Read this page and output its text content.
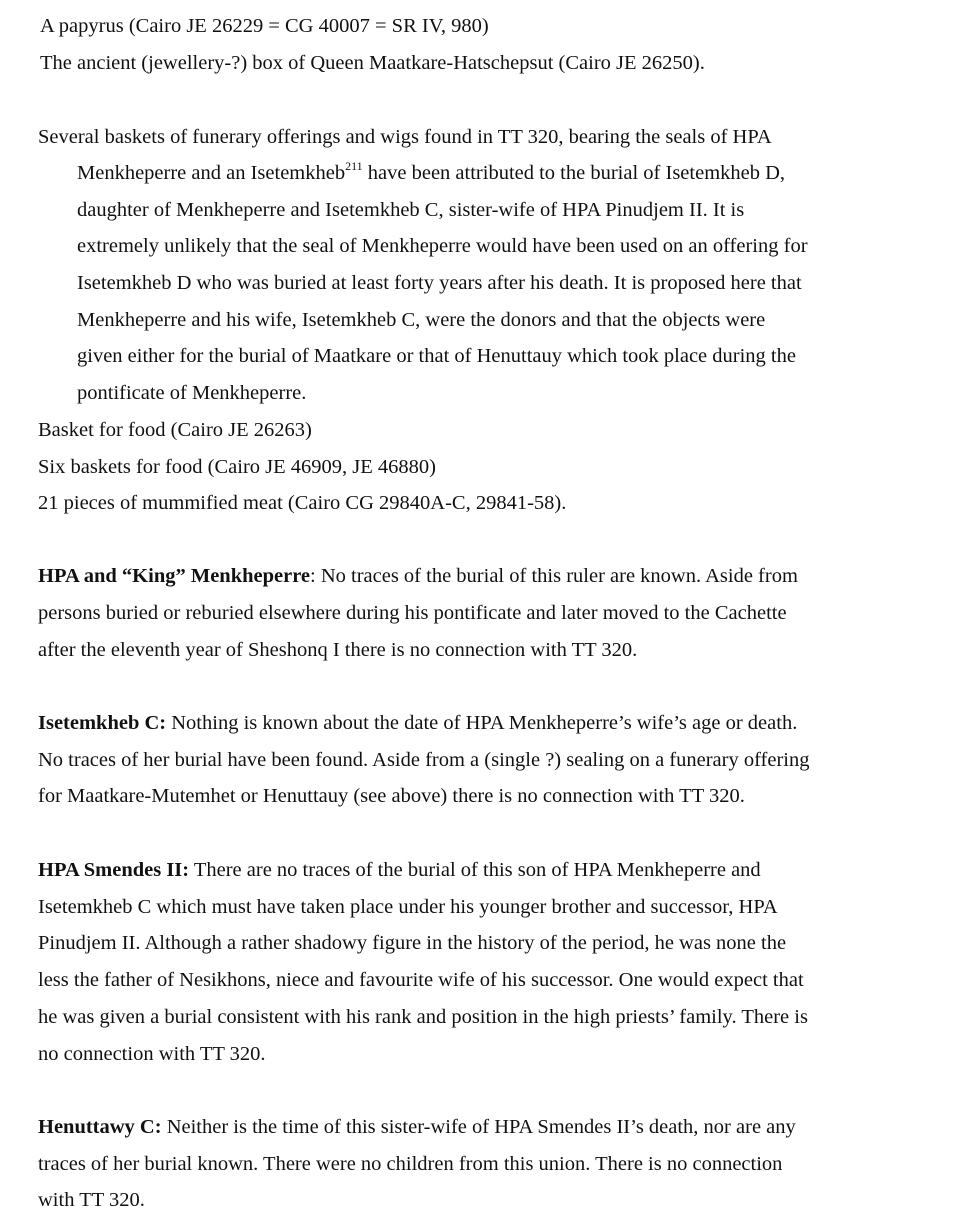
A papyrus (Cairo JE 26229 = CG 40007 = SR IV, 980)
The ancient (jewellery-?) box of Queen Maatkare-Hatschepsut (Cairo JE 26250).
Several baskets of funerary offerings and wigs found in TT 320, bearing the seals of HPA
Menkheperre and an Isetemkheb$^{211}$ have been attributed to the burial of Isetemkheb D,
daughter of Menkheperre and Isetemkheb C, sister-wife of HPA Pinudjem II. It is
extremely unlikely that the seal of Menkheperre would have been used on an offering for
Isetemkheb D who was buried at least forty years after his death. It is proposed here that
Menkheperre and his wife, Isetemkheb C, were the donors and that the objects were
given either for the burial of Maatkare or that of Henuttauy which took place during the
pontificate of Menkheperre.
Basket for food (Cairo JE 26263)
Six baskets for food (Cairo JE 46909, JE 46880)
21 pieces of mummified meat (Cairo CG 29840A-C, 29841-58).
HPA and “King” Menkheperre: No traces of the burial of this ruler are known. Aside from
persons buried or reburied elsewhere during his pontificate and later moved to the Cachette
after the eleventh year of Sheshonq I there is no connection with TT 320.
Isetemkheb C: Nothing is known about the date of HPA Menkheperre’s wife’s age or death.
No traces of her burial have been found. Aside from a (single ?) sealing on a funerary offering
for Maatkare-Mutemhet or Henuttauy (see above) there is no connection with TT 320.
HPA Smendes II: There are no traces of the burial of this son of HPA Menkheperre and
Isetemkheb C which must have taken place under his younger brother and successor, HPA
Pinudjem II. Although a rather shadowy figure in the history of the period, he was none the
less the father of Nesikhons, niece and favourite wife of his successor. One would expect that
he was given a burial consistent with his rank and position in the high priests’ family. There is
no connection with TT 320.
Henuttawy C: Neither is the time of this sister-wife of HPA Smendes II’s death, nor are any
traces of her burial known. There were no children from this union. There is no connection
with TT 320.
